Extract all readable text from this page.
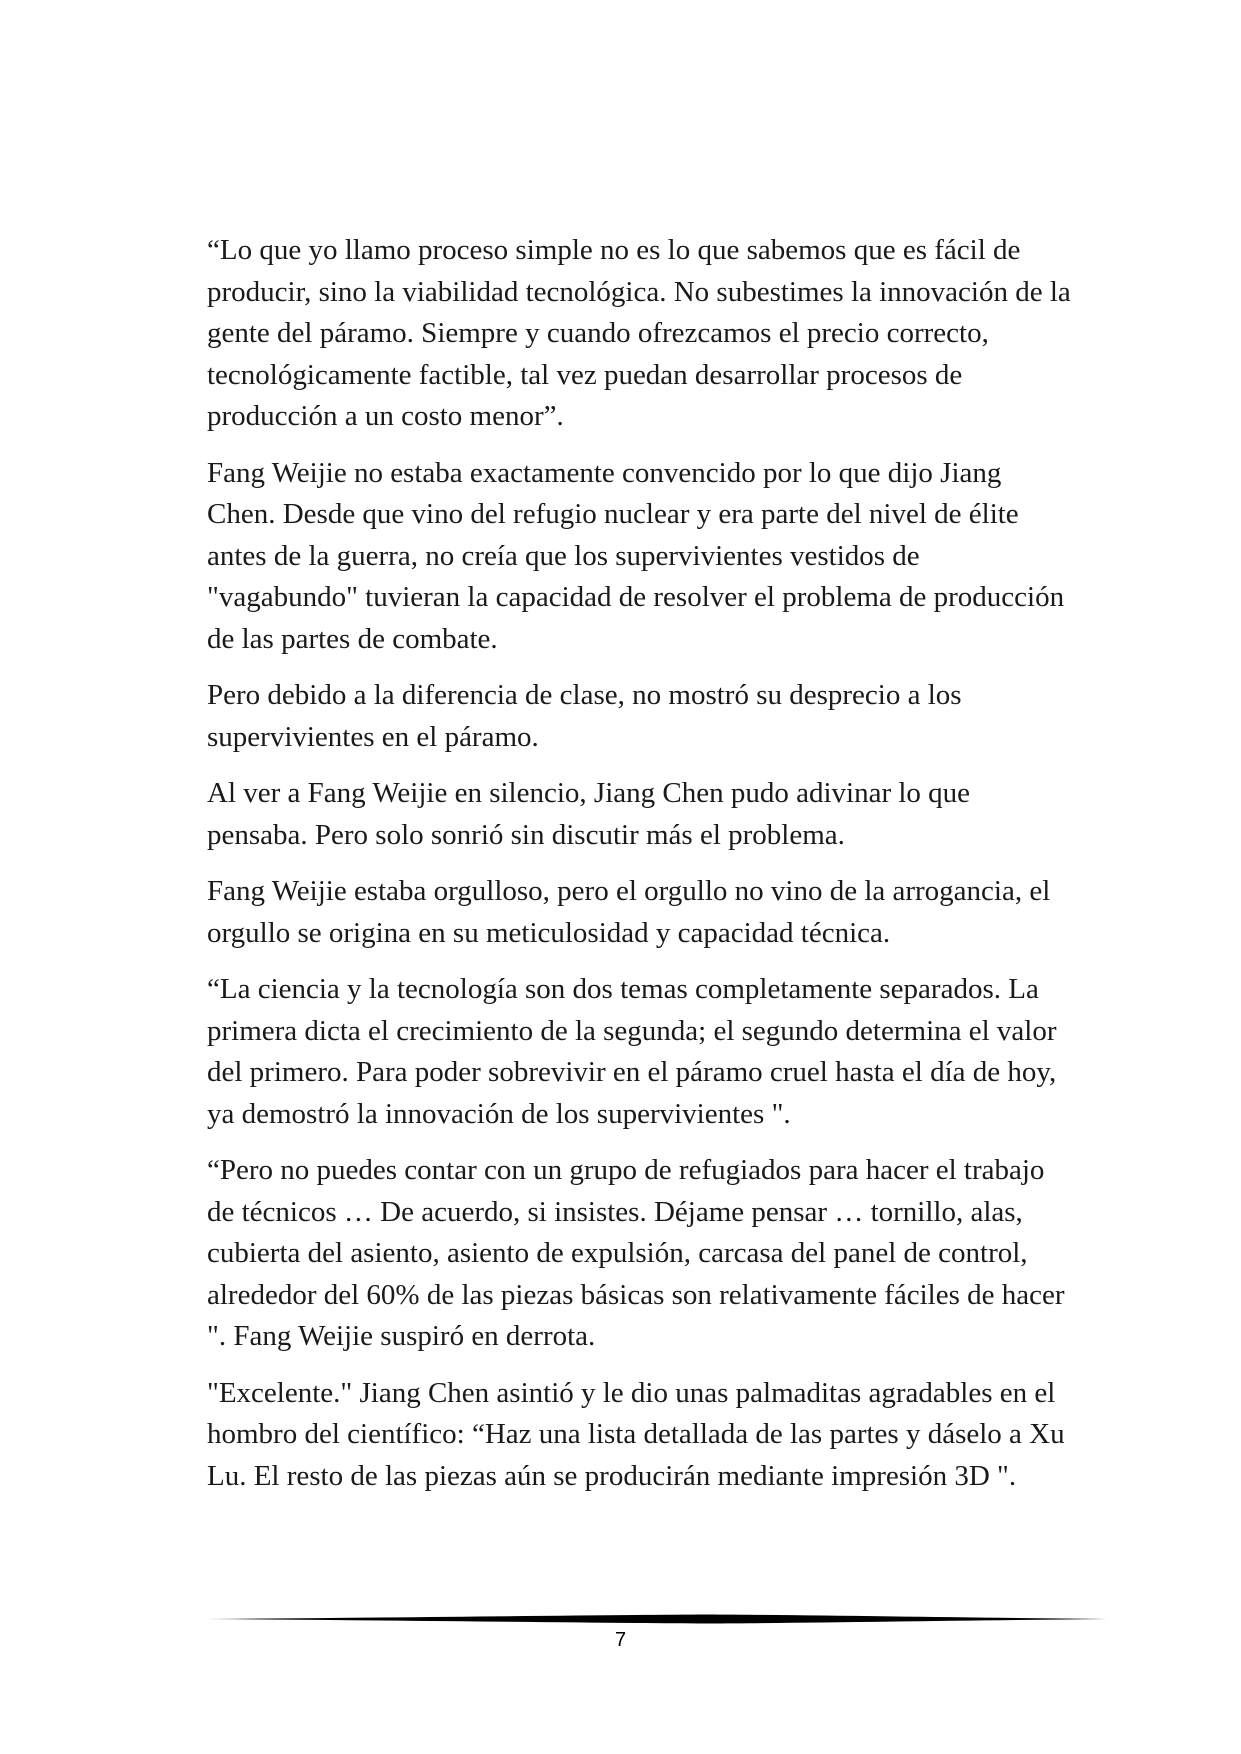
“Lo que yo llamo proceso simple no es lo que sabemos que es fácil de producir, sino la viabilidad tecnológica. No subestimes la innovación de la gente del páramo. Siempre y cuando ofrezcamos el precio correcto, tecnológicamente factible, tal vez puedan desarrollar procesos de producción a un costo menor”.

Fang Weijie no estaba exactamente convencido por lo que dijo Jiang Chen. Desde que vino del refugio nuclear y era parte del nivel de élite antes de la guerra, no creía que los supervivientes vestidos de "vagabundo" tuvieran la capacidad de resolver el problema de producción de las partes de combate.

Pero debido a la diferencia de clase, no mostró su desprecio a los supervivientes en el páramo.

Al ver a Fang Weijie en silencio, Jiang Chen pudo adivinar lo que pensaba. Pero solo sonrió sin discutir más el problema.

Fang Weijie estaba orgulloso, pero el orgullo no vino de la arrogancia, el orgullo se origina en su meticulosidad y capacidad técnica.

“La ciencia y la tecnología son dos temas completamente separados. La primera dicta el crecimiento de la segunda; el segundo determina el valor del primero. Para poder sobrevivir en el páramo cruel hasta el día de hoy, ya demostró la innovación de los supervivientes ".

“Pero no puedes contar con un grupo de refugiados para hacer el trabajo de técnicos … De acuerdo, si insistes. Déjame pensar … tornillo, alas, cubierta del asiento, asiento de expulsión, carcasa del panel de control, alrededor del 60% de las piezas básicas son relativamente fáciles de hacer ". Fang Weijie suspiró en derrota.

"Excelente." Jiang Chen asintió y le dio unas palmaditas agradables en el hombro del científico: “Haz una lista detallada de las partes y dáselo a Xu Lu. El resto de las piezas aún se producirán mediante impresión 3D ".

7
